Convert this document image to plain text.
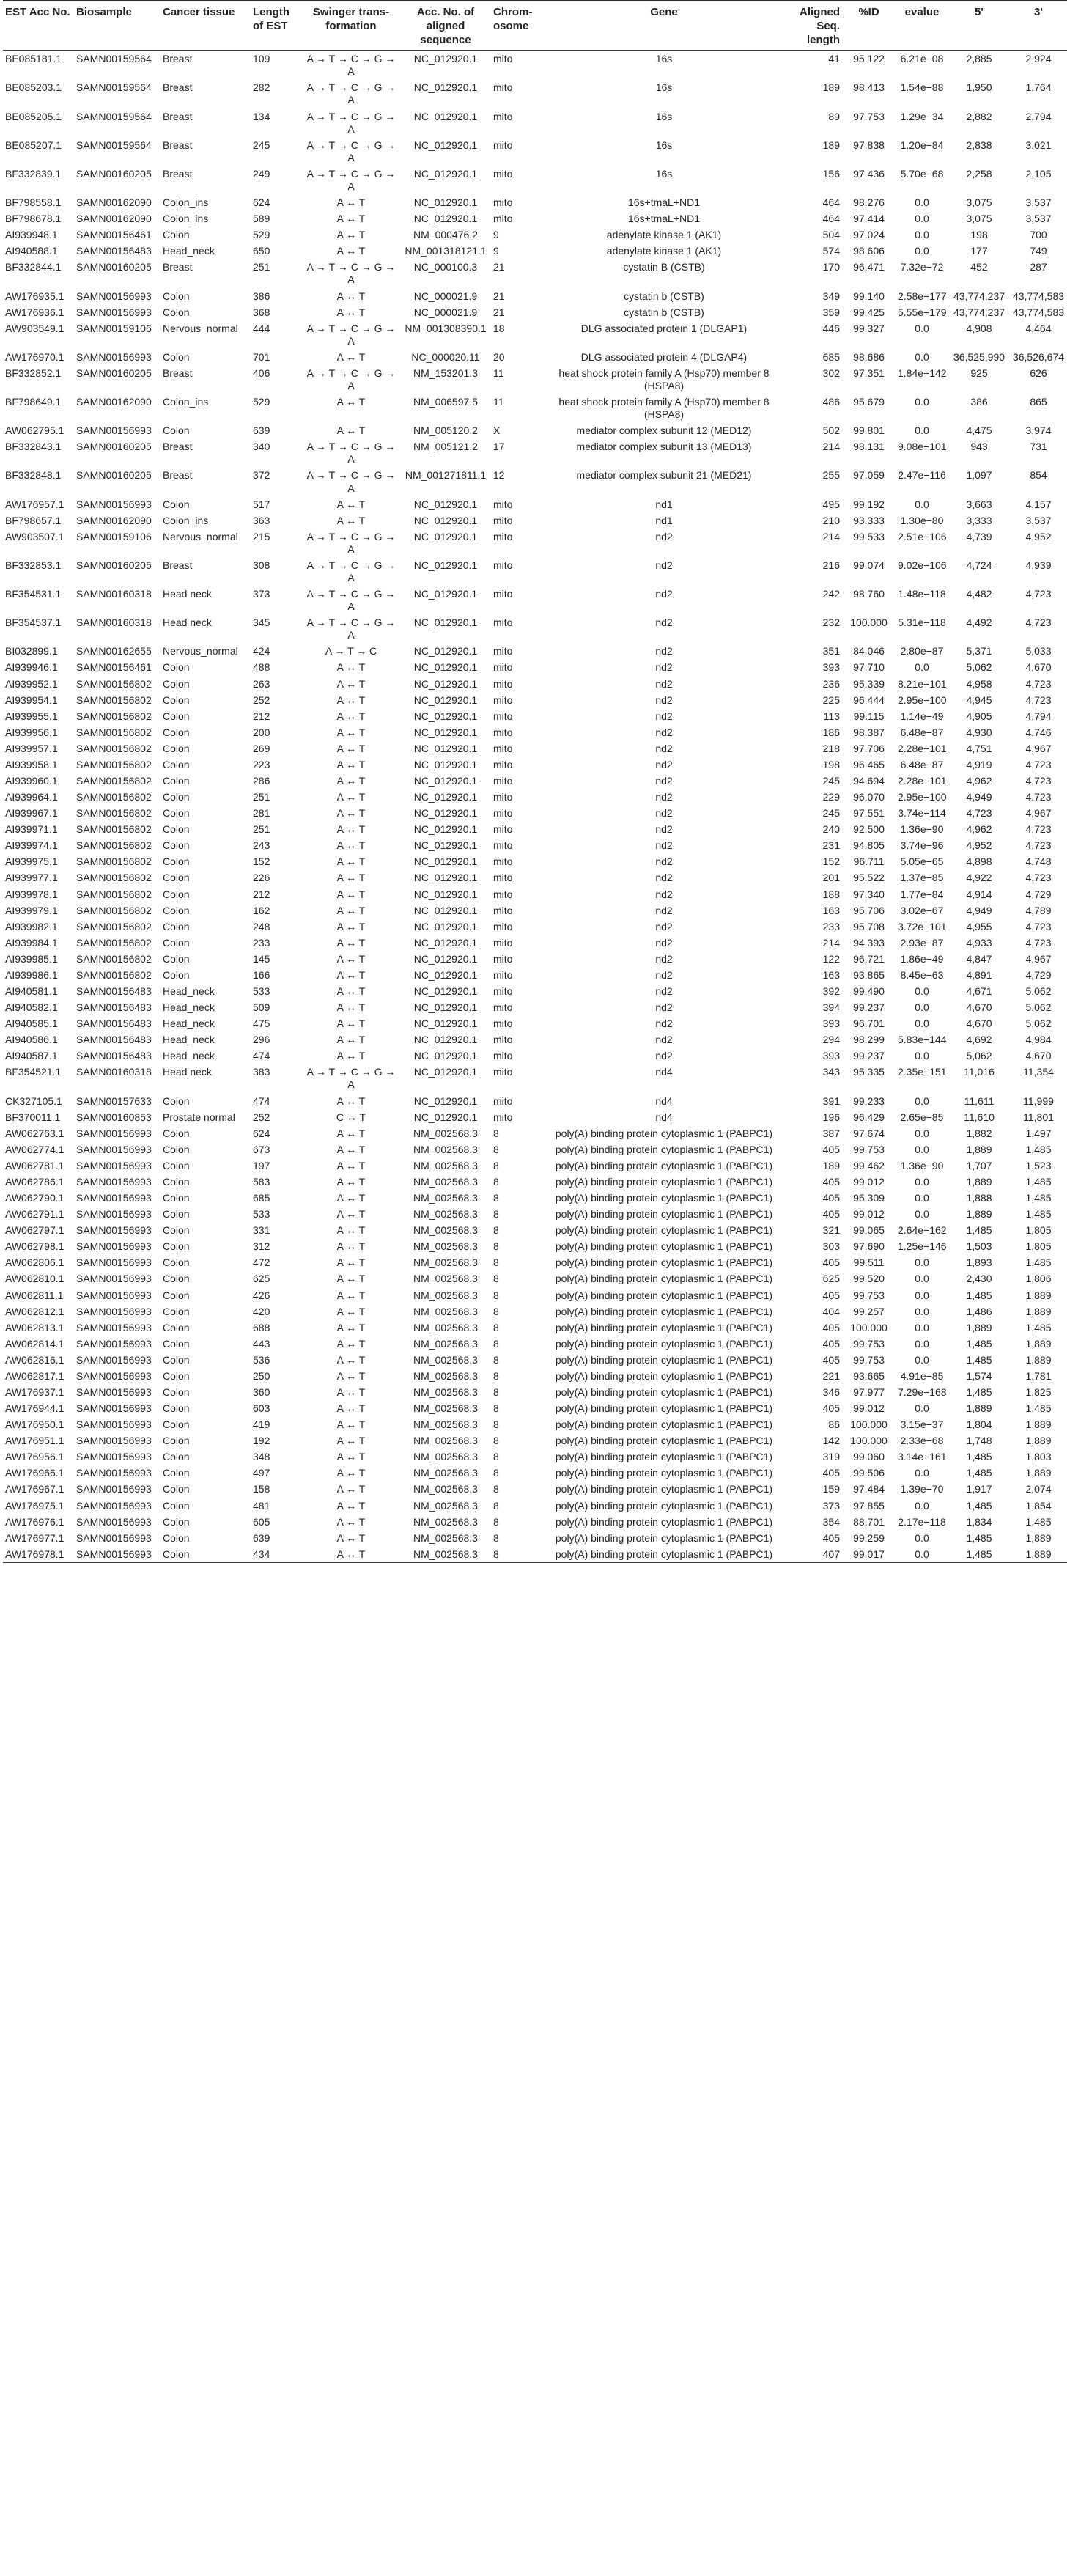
EST Acc No.	Biosample	Cancer tissue	Length of EST	Swinger trans-formation	Acc. No. of aligned sequence	Chrom-osome	Gene	Aligned Seq. length	%ID	evalue	5'	3'
BE085181.1	SAMN00159564	Breast	109	A → T → C → G → A	NC_012920.1	mito	16s	41	95.122	6.21e−08	2,885	2,924
BE085203.1	SAMN00159564	Breast	282	A → T → C → G → A	NC_012920.1	mito	16s	189	98.413	1.54e−88	1,950	1,764
BE085205.1	SAMN00159564	Breast	134	A → T → C → G → A	NC_012920.1	mito	16s	89	97.753	1.29e−34	2,882	2,794
BE085207.1	SAMN00159564	Breast	245	A → T → C → G → A	NC_012920.1	mito	16s	189	97.838	1.20e−84	2,838	3,021
BF332839.1	SAMN00160205	Breast	249	A → T → C → G → A	NC_012920.1	mito	16s	156	97.436	5.70e−68	2,258	2,105
BF798558.1	SAMN00162090	Colon_ins	624	A ↔ T	NC_012920.1	mito	16s+tmaL+ND1	464	98.276	0.0	3,075	3,537
BF798678.1	SAMN00162090	Colon_ins	589	A ↔ T	NC_012920.1	mito	16s+tmaL+ND1	464	97.414	0.0	3,075	3,537
AI939948.1	SAMN00156461	Colon	529	A ↔ T	NM_000476.2	9	adenylate kinase 1 (AK1)	504	97.024	0.0	198	700
AI940588.1	SAMN00156483	Head_neck	650	A ↔ T	NM_001318121.1	9	adenylate kinase 1 (AK1)	574	98.606	0.0	177	749
BF332844.1	SAMN00160205	Breast	251	A → T → C → G → A	NC_000100.3	21	cystatin B (CSTB)	170	96.471	7.32e−72	452	287
AW176935.1	SAMN00156993	Colon	386	A ↔ T	NC_000021.9	21	cystatin b (CSTB)	349	99.140	2.58e−177	43,774,237	43,774,583
AW176936.1	SAMN00156993	Colon	368	A ↔ T	NC_000021.9	21	cystatin b (CSTB)	359	99.425	5.55e−179	43,774,237	43,774,583
AW903549.1	SAMN00159106	Nervous_normal	444	A → T → C → G → A	NM_001308390.1	18	DLG associated protein 1 (DLGAP1)	446	99.327	0.0	4,908	4,464
AW176970.1	SAMN00156993	Colon	701	A ↔ T	NC_000020.11	20	DLG associated protein 4 (DLGAP4)	685	98.686	0.0	36,525,990	36,526,674
BF332852.1	SAMN00160205	Breast	406	A → T → C → G → A	NM_153201.3	11	heat shock protein family A (Hsp70) member 8 (HSPA8)	302	97.351	1.84e−142	925	626
BF798649.1	SAMN00162090	Colon_ins	529	A ↔ T	NM_006597.5	11	heat shock protein family A (Hsp70) member 8 (HSPA8)	486	95.679	0.0	386	865
AW062795.1	SAMN00156993	Colon	639	A ↔ T	NM_005120.2	X	mediator complex subunit 12 (MED12)	502	99.801	0.0	4,475	3,974
BF332843.1	SAMN00160205	Breast	340	A → T → C → G → A	NM_005121.2	17	mediator complex subunit 13 (MED13)	214	98.131	9.08e−101	943	731
BF332848.1	SAMN00160205	Breast	372	A → T → C → G → A	NM_001271811.1	12	mediator complex subunit 21 (MED21)	255	97.059	2.47e−116	1,097	854
AW176957.1	SAMN00156993	Colon	517	A ↔ T	NC_012920.1	mito	nd1	495	99.192	0.0	3,663	4,157
BF798657.1	SAMN00162090	Colon_ins	363	A ↔ T	NC_012920.1	mito	nd1	210	93.333	1.30e−80	3,333	3,537
AW903507.1	SAMN00159106	Nervous_normal	215	A → T → C → G → A	NC_012920.1	mito	nd2	214	99.533	2.51e−106	4,739	4,952
BF332853.1	SAMN00160205	Breast	308	A → T → C → G → A	NC_012920.1	mito	nd2	216	99.074	9.02e−106	4,724	4,939
BF354531.1	SAMN00160318	Head neck	373	A → T → C → G → A	NC_012920.1	mito	nd2	242	98.760	1.48e−118	4,482	4,723
BF354537.1	SAMN00160318	Head neck	345	A → T → C → G → A	NC_012920.1	mito	nd2	232	100.000	5.31e−118	4,492	4,723
BI032899.1	SAMN00162655	Nervous_normal	424	A → T → C	NC_012920.1	mito	nd2	351	84.046	2.80e−87	5,371	5,033
AI939946.1	SAMN00156461	Colon	488	A ↔ T	NC_012920.1	mito	nd2	393	97.710	0.0	5,062	4,670
AI939952.1	SAMN00156802	Colon	263	A ↔ T	NC_012920.1	mito	nd2	236	95.339	8.21e−101	4,958	4,723
AI939954.1	SAMN00156802	Colon	252	A ↔ T	NC_012920.1	mito	nd2	225	96.444	2.95e−100	4,945	4,723
AI939955.1	SAMN00156802	Colon	212	A ↔ T	NC_012920.1	mito	nd2	113	99.115	1.14e−49	4,905	4,794
AI939956.1	SAMN00156802	Colon	200	A ↔ T	NC_012920.1	mito	nd2	186	98.387	6.48e−87	4,930	4,746
AI939957.1	SAMN00156802	Colon	269	A ↔ T	NC_012920.1	mito	nd2	218	97.706	2.28e−101	4,751	4,967
AI939958.1	SAMN00156802	Colon	223	A ↔ T	NC_012920.1	mito	nd2	198	96.465	6.48e−87	4,919	4,723
AI939960.1	SAMN00156802	Colon	286	A ↔ T	NC_012920.1	mito	nd2	245	94.694	2.28e−101	4,962	4,723
AI939964.1	SAMN00156802	Colon	251	A ↔ T	NC_012920.1	mito	nd2	229	96.070	2.95e−100	4,949	4,723
AI939967.1	SAMN00156802	Colon	281	A ↔ T	NC_012920.1	mito	nd2	245	97.551	3.74e−114	4,723	4,967
AI939971.1	SAMN00156802	Colon	251	A ↔ T	NC_012920.1	mito	nd2	240	92.500	1.36e−90	4,962	4,723
AI939974.1	SAMN00156802	Colon	243	A ↔ T	NC_012920.1	mito	nd2	231	94.805	3.74e−96	4,952	4,723
AI939975.1	SAMN00156802	Colon	152	A ↔ T	NC_012920.1	mito	nd2	152	96.711	5.05e−65	4,898	4,748
AI939977.1	SAMN00156802	Colon	226	A ↔ T	NC_012920.1	mito	nd2	201	95.522	1.37e−85	4,922	4,723
AI939978.1	SAMN00156802	Colon	212	A ↔ T	NC_012920.1	mito	nd2	188	97.340	1.77e−84	4,914	4,729
AI939979.1	SAMN00156802	Colon	162	A ↔ T	NC_012920.1	mito	nd2	163	95.706	3.02e−67	4,949	4,789
AI939982.1	SAMN00156802	Colon	248	A ↔ T	NC_012920.1	mito	nd2	233	95.708	3.72e−101	4,955	4,723
AI939984.1	SAMN00156802	Colon	233	A ↔ T	NC_012920.1	mito	nd2	214	94.393	2.93e−87	4,933	4,723
AI939985.1	SAMN00156802	Colon	145	A ↔ T	NC_012920.1	mito	nd2	122	96.721	1.86e−49	4,847	4,967
AI939986.1	SAMN00156802	Colon	166	A ↔ T	NC_012920.1	mito	nd2	163	93.865	8.45e−63	4,891	4,729
AI940581.1	SAMN00156483	Head_neck	533	A ↔ T	NC_012920.1	mito	nd2	392	99.490	0.0	4,671	5,062
AI940582.1	SAMN00156483	Head_neck	509	A ↔ T	NC_012920.1	mito	nd2	394	99.237	0.0	4,670	5,062
AI940585.1	SAMN00156483	Head_neck	475	A ↔ T	NC_012920.1	mito	nd2	393	96.701	0.0	4,670	5,062
AI940586.1	SAMN00156483	Head_neck	296	A ↔ T	NC_012920.1	mito	nd2	294	98.299	5.83e−144	4,692	4,984
AI940587.1	SAMN00156483	Head_neck	474	A ↔ T	NC_012920.1	mito	nd2	393	99.237	0.0	5,062	4,670
BF354521.1	SAMN00160318	Head neck	383	A → T → C → G → A	NC_012920.1	mito	nd4	343	95.335	2.35e−151	11,016	11,354
CK327105.1	SAMN00157633	Colon	474	A ↔ T	NC_012920.1	mito	nd4	391	99.233	0.0	11,611	11,999
BF370011.1	SAMN00160853	Prostate normal	252	C ↔ T	NC_012920.1	mito	nd4	196	96.429	2.65e−85	11,610	11,801
AW062763.1	SAMN00156993	Colon	624	A ↔ T	NM_002568.3	8	poly(A) binding protein cytoplasmic 1 (PABPC1)	387	97.674	0.0	1,882	1,497
AW062774.1	SAMN00156993	Colon	673	A ↔ T	NM_002568.3	8	poly(A) binding protein cytoplasmic 1 (PABPC1)	405	99.753	0.0	1,889	1,485
AW062781.1	SAMN00156993	Colon	197	A ↔ T	NM_002568.3	8	poly(A) binding protein cytoplasmic 1 (PABPC1)	189	99.462	1.36e−90	1,707	1,523
AW062786.1	SAMN00156993	Colon	583	A ↔ T	NM_002568.3	8	poly(A) binding protein cytoplasmic 1 (PABPC1)	405	99.012	0.0	1,889	1,485
AW062790.1	SAMN00156993	Colon	685	A ↔ T	NM_002568.3	8	poly(A) binding protein cytoplasmic 1 (PABPC1)	405	95.309	0.0	1,888	1,485
AW062791.1	SAMN00156993	Colon	533	A ↔ T	NM_002568.3	8	poly(A) binding protein cytoplasmic 1 (PABPC1)	405	99.012	0.0	1,889	1,485
AW062797.1	SAMN00156993	Colon	331	A ↔ T	NM_002568.3	8	poly(A) binding protein cytoplasmic 1 (PABPC1)	321	99.065	2.64e−162	1,485	1,805
AW062798.1	SAMN00156993	Colon	312	A ↔ T	NM_002568.3	8	poly(A) binding protein cytoplasmic 1 (PABPC1)	303	97.690	1.25e−146	1,503	1,805
AW062806.1	SAMN00156993	Colon	472	A ↔ T	NM_002568.3	8	poly(A) binding protein cytoplasmic 1 (PABPC1)	405	99.511	0.0	1,893	1,485
AW062810.1	SAMN00156993	Colon	625	A ↔ T	NM_002568.3	8	poly(A) binding protein cytoplasmic 1 (PABPC1)	625	99.520	0.0	2,430	1,806
AW062811.1	SAMN00156993	Colon	426	A ↔ T	NM_002568.3	8	poly(A) binding protein cytoplasmic 1 (PABPC1)	405	99.753	0.0	1,485	1,889
AW062812.1	SAMN00156993	Colon	420	A ↔ T	NM_002568.3	8	poly(A) binding protein cytoplasmic 1 (PABPC1)	404	99.257	0.0	1,486	1,889
AW062813.1	SAMN00156993	Colon	688	A ↔ T	NM_002568.3	8	poly(A) binding protein cytoplasmic 1 (PABPC1)	405	100.000	0.0	1,889	1,485
AW062814.1	SAMN00156993	Colon	443	A ↔ T	NM_002568.3	8	poly(A) binding protein cytoplasmic 1 (PABPC1)	405	99.753	0.0	1,485	1,889
AW062816.1	SAMN00156993	Colon	536	A ↔ T	NM_002568.3	8	poly(A) binding protein cytoplasmic 1 (PABPC1)	405	99.753	0.0	1,485	1,889
AW062817.1	SAMN00156993	Colon	250	A ↔ T	NM_002568.3	8	poly(A) binding protein cytoplasmic 1 (PABPC1)	221	93.665	4.91e−85	1,574	1,781
AW176937.1	SAMN00156993	Colon	360	A ↔ T	NM_002568.3	8	poly(A) binding protein cytoplasmic 1 (PABPC1)	346	97.977	7.29e−168	1,485	1,825
AW176944.1	SAMN00156993	Colon	603	A ↔ T	NM_002568.3	8	poly(A) binding protein cytoplasmic 1 (PABPC1)	405	99.012	0.0	1,889	1,485
AW176950.1	SAMN00156993	Colon	419	A ↔ T	NM_002568.3	8	poly(A) binding protein cytoplasmic 1 (PABPC1)	86	100.000	3.15e−37	1,804	1,889
AW176951.1	SAMN00156993	Colon	192	A ↔ T	NM_002568.3	8	poly(A) binding protein cytoplasmic 1 (PABPC1)	142	100.000	2.33e−68	1,748	1,889
AW176956.1	SAMN00156993	Colon	348	A ↔ T	NM_002568.3	8	poly(A) binding protein cytoplasmic 1 (PABPC1)	319	99.060	3.14e−161	1,485	1,803
AW176966.1	SAMN00156993	Colon	497	A ↔ T	NM_002568.3	8	poly(A) binding protein cytoplasmic 1 (PABPC1)	405	99.506	0.0	1,485	1,889
AW176967.1	SAMN00156993	Colon	158	A ↔ T	NM_002568.3	8	poly(A) binding protein cytoplasmic 1 (PABPC1)	159	97.484	1.39e−70	1,917	2,074
AW176975.1	SAMN00156993	Colon	481	A ↔ T	NM_002568.3	8	poly(A) binding protein cytoplasmic 1 (PABPC1)	373	97.855	0.0	1,485	1,854
AW176976.1	SAMN00156993	Colon	605	A ↔ T	NM_002568.3	8	poly(A) binding protein cytoplasmic 1 (PABPC1)	354	88.701	2.17e−118	1,834	1,485
AW176977.1	SAMN00156993	Colon	639	A ↔ T	NM_002568.3	8	poly(A) binding protein cytoplasmic 1 (PABPC1)	405	99.259	0.0	1,485	1,889
AW176978.1	SAMN00156993	Colon	434	A ↔ T	NM_002568.3	8	poly(A) binding protein cytoplasmic 1 (PABPC1)	407	99.017	0.0	1,485	1,889
